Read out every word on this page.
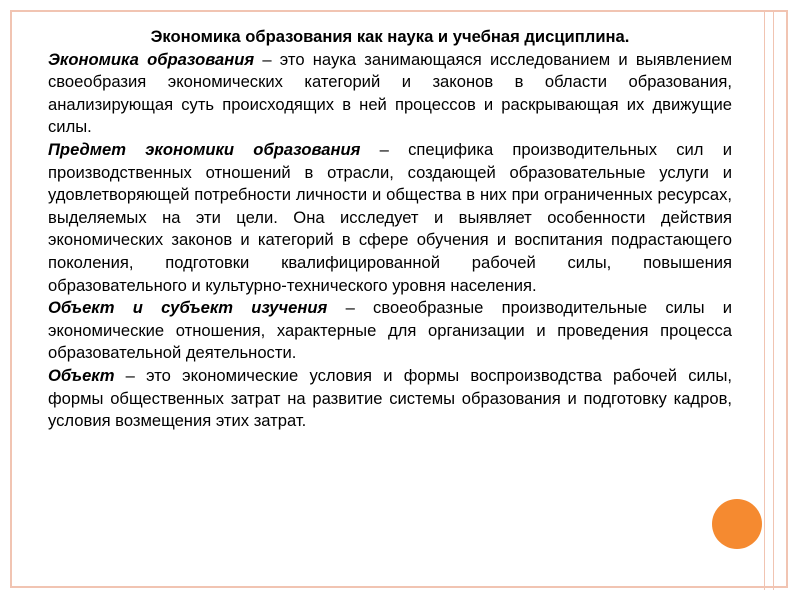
Экономика образования как наука и учебная дисциплина.

Экономика образования – это наука занимающаяся исследованием и выявлением своеобразия экономических категорий и законов в области образования, анализирующая суть происходящих в ней процессов и раскрывающая их движущие силы.

Предмет экономики образования – специфика производительных сил и производственных отношений в отрасли, создающей образовательные услуги и удовлетворяющей потребности личности и общества в них при ограниченных ресурсах, выделяемых на эти цели. Она исследует и выявляет особенности действия экономических законов и категорий в сфере обучения и воспитания подрастающего поколения, подготовки квалифицированной рабочей силы, повышения образовательного и культурно-технического уровня населения.

Объект и субъект изучения – своеобразные производительные силы и экономические отношения, характерные для организации и проведения процесса образовательной деятельности.

Объект – это экономические условия и формы воспроизводства рабочей силы, формы общественных затрат на развитие системы образования и подготовку кадров, условия возмещения этих затрат.
